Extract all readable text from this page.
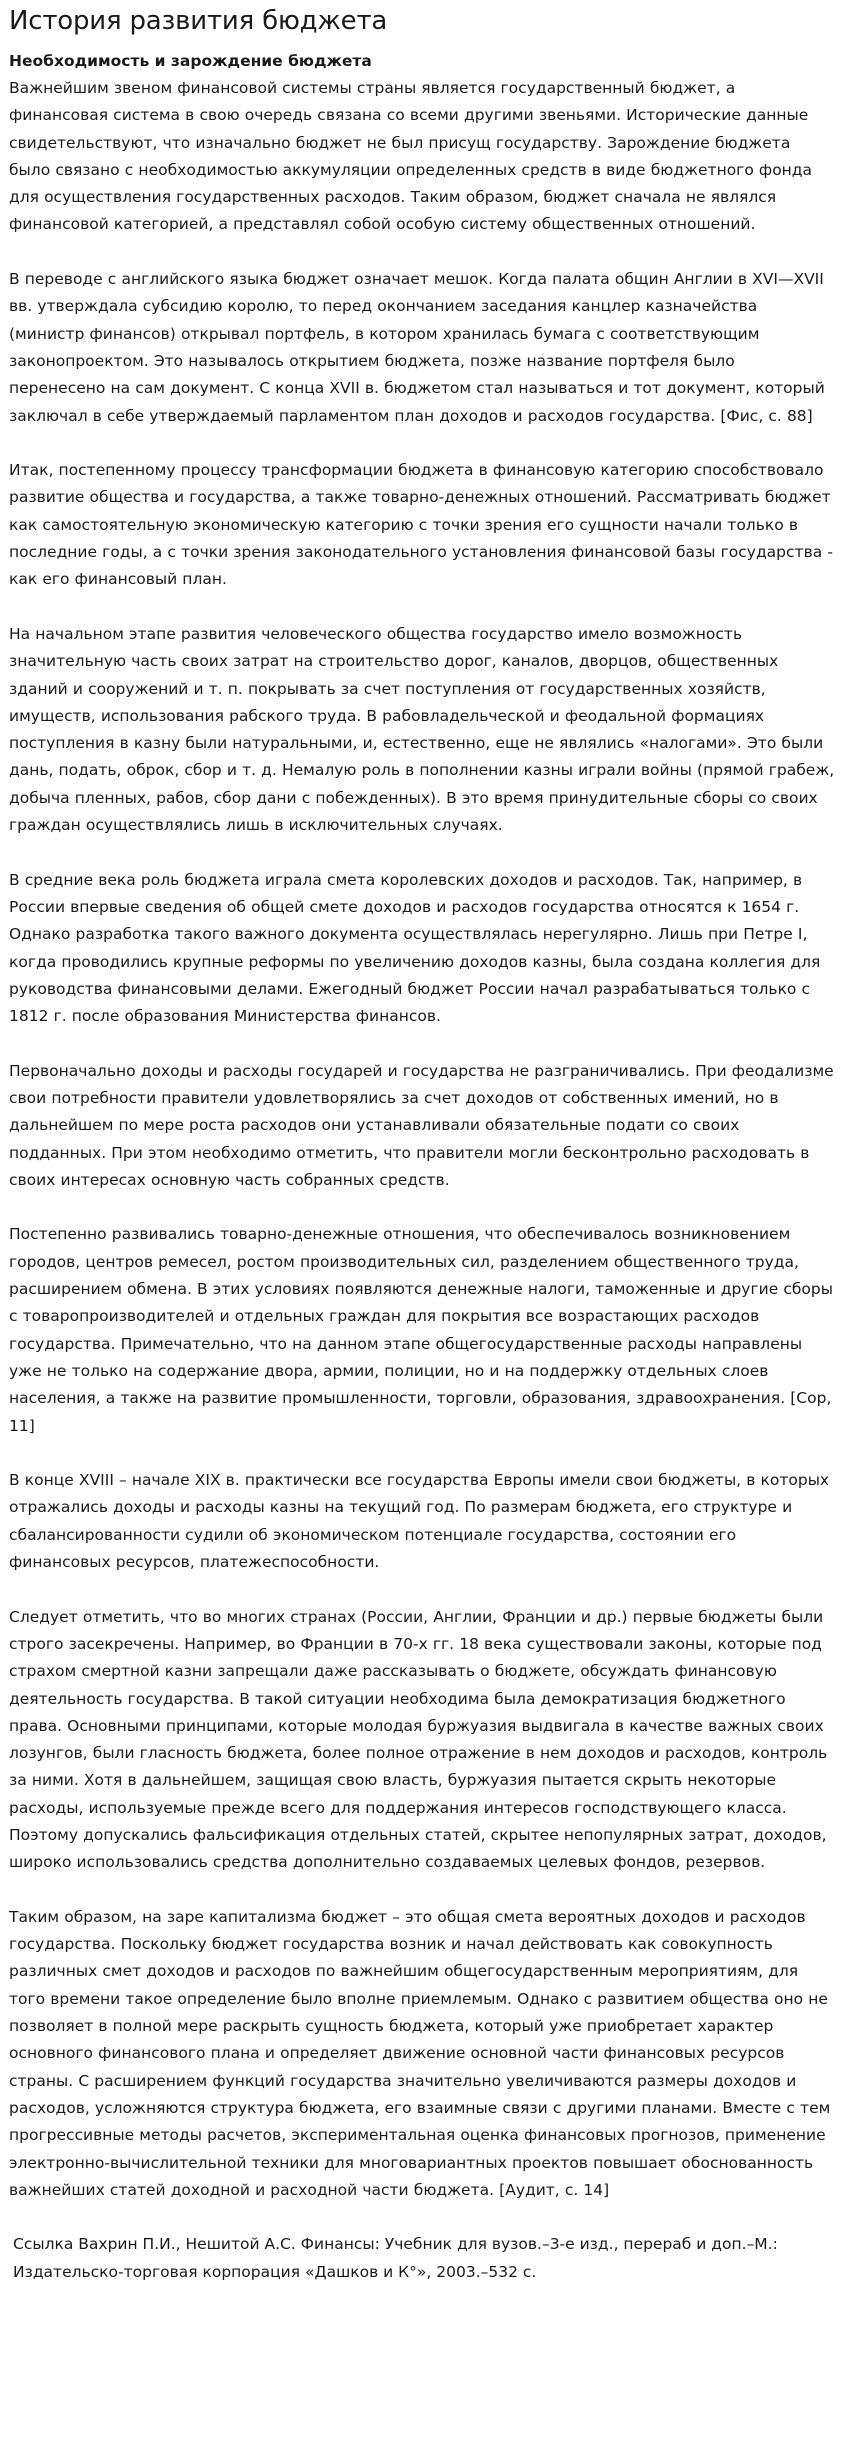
История развития бюджета
Необходимость и зарождение бюджета

Важнейшим звеном финансовой системы страны является государственный бюджет, а финансовая система в свою очередь связана со всеми другими звеньями. Исторические данные свидетельствуют, что изначально бюджет не был присущ государству. Зарождение бюджета было связано с необходимостью аккумуляции определенных средств в виде бюджетного фонда для осуществления государственных расходов. Таким образом, бюджет сначала не являлся финансовой категорией, а представлял собой особую систему общественных отношений.

В переводе с английского языка бюджет означает мешок. Когда палата общин Англии в XVI—XVII вв. утверждала субсидию королю, то перед окончанием заседания канцлер казначейства (министр финансов) открывал портфель, в котором хранилась бумага с соответствующим законопроектом. Это называлось открытием бюджета, позже название портфеля было перенесено на сам документ. С конца XVII в. бюджетом стал называться и тот документ, который заключал в себе утверждаемый парламентом план доходов и расходов государства. [Фис, с. 88]

Итак, постепенному процессу трансформации бюджета в финансовую категорию способствовало развитие общества и государства, а также товарно-денежных отношений. Рассматривать бюджет как самостоятельную экономическую категорию с точки зрения его сущности начали только в последние годы, а с точки зрения законодательного установления финансовой базы государства - как его финансовый план.

На начальном этапе развития человеческого общества государство имело возможность значительную часть своих затрат на строительство дорог, каналов, дворцов, общественных зданий и сооружений и т. п. покрывать за счет поступления от государственных хозяйств, имуществ, использования рабского труда. В рабовладельческой и феодальной формациях поступления в казну были натуральными, и, естественно, еще не являлись «налогами». Это были дань, подать, оброк, сбор и т. д. Немалую роль в пополнении казны играли войны (прямой грабеж, добыча пленных, рабов, сбор дани с побежденных). В это время принудительные сборы со своих граждан осуществлялись лишь в исключительных случаях.

В средние века роль бюджета играла смета королевских доходов и расходов. Так, например, в России впервые сведения об общей смете доходов и расходов государства относятся к 1654 г. Однако разработка такого важного документа осуществлялась нерегулярно. Лишь при Петре I, когда проводились крупные реформы по увеличению доходов казны, была создана коллегия для руководства финансовыми делами. Ежегодный бюджет России начал разрабатываться только с 1812 г. после образования Министерства финансов.

Первоначально доходы и расходы государей и государства не разграничивались. При феодализме свои потребности правители удовлетворялись за счет доходов от собственных имений, но в дальнейшем по мере роста расходов они устанавливали обязательные подати со своих подданных. При этом необходимо отметить, что правители могли бесконтрольно расходовать в своих интересах основную часть собранных средств.

Постепенно развивались товарно-денежные отношения, что обеспечивалось возникновением городов, центров ремесел, ростом производительных сил, разделением общественного труда, расширением обмена. В этих условиях появляются денежные налоги, таможенные и другие сборы с товаропроизводителей и отдельных граждан для покрытия все возрастающих расходов государства. Примечательно, что на данном этапе общегосударственные расходы направлены уже не только на содержание двора, армии, полиции, но и на поддержку отдельных слоев населения, а также на развитие промышленности, торговли, образования, здравоохранения. [Сор, 11]

В конце XVIII – начале XIX в. практически все государства Европы имели свои бюджеты, в которых отражались доходы и расходы казны на текущий год. По размерам бюджета, его структуре и сбалансированности судили об экономическом потенциале государства, состоянии его финансовых ресурсов, платежеспособности.

Следует отметить, что во многих странах (России, Англии, Франции и др.) первые бюджеты были строго засекречены. Например, во Франции в 70-х гг. 18 века существовали законы, которые под страхом смертной казни запрещали даже рассказывать о бюджете, обсуждать финансовую деятельность государства. В такой ситуации необходима была демократизация бюджетного права. Основными принципами, которые молодая буржуазия выдвигала в качестве важных своих лозунгов, были гласность бюджета, более полное отражение в нем доходов и расходов, контроль за ними. Хотя в дальнейшем, защищая свою власть, буржуазия пытается скрыть некоторые расходы, используемые прежде всего для поддержания интересов господствующего класса. Поэтому допускались фальсификация отдельных статей, скрытее непопулярных затрат, доходов, широко использовались средства дополнительно создаваемых целевых фондов, резервов.

Таким образом, на заре капитализма бюджет – это общая смета вероятных доходов и расходов государства. Поскольку бюджет государства возник и начал действовать как совокупность различных смет доходов и расходов по важнейшим общегосударственным мероприятиям, для того времени такое определение было вполне приемлемым. Однако с развитием общества оно не позволяет в полной мере раскрыть сущность бюджета, который уже приобретает характер основного финансового плана и определяет движение основной части финансовых ресурсов страны. С расширением функций государства значительно увеличиваются размеры доходов и расходов, усложняются структура бюджета, его взаимные связи с другими планами. Вместе с тем прогрессивные методы расчетов, экспериментальная оценка финансовых прогнозов, применение электронно-вычислительной техники для многовариантных проектов повышает обоснованность важнейших статей доходной и расходной части бюджета. [Аудит, с. 14]

Ссылка Вахрин П.И., Нешитой А.С. Финансы: Учебник для вузов.–3-е изд., перераб и доп.–М.: Издательско-торговая корпорация «Дашков и К°», 2003.–532 с.
